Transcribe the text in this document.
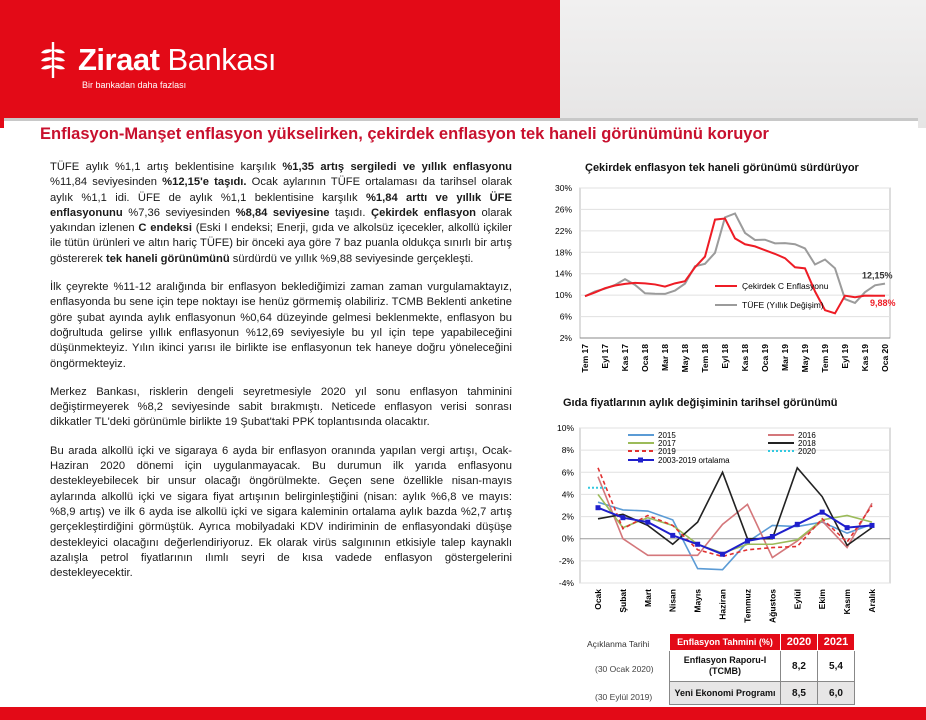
Ziraat Bankası
Bir bankadan daha fazlası
Enflasyon-Manşet enflasyon yükselirken, çekirdek enflasyon tek haneli görünümünü koruyor

TÜFE aylık %1,1 artış beklentisine karşılık %1,35 artış sergiledi ve yıllık enflasyonu %11,84 seviyesinden %12,15'e taşıdı. Ocak aylarının TÜFE ortalaması da tarihsel olarak aylık %1,1 idi. ÜFE de aylık %1,1 beklentisine karşılık %1,84 arttı ve yıllık ÜFE enflasyonunu %7,36 seviyesinden %8,84 seviyesine taşıdı. Çekirdek enflasyon olarak yakından izlenen C endeksi (Eski I endeksi; Enerji, gıda ve alkolsüz içecekler, alkollü içkiler ile tütün ürünleri ve altın hariç TÜFE) bir önceki aya göre 7 baz puanla oldukça sınırlı bir artış göstererek tek haneli görünümünü sürdürdü ve yıllık %9,88 seviyesinde gerçekleşti.

İlk çeyrekte %11-12 aralığında bir enflasyon beklediğimizi zaman zaman vurgulamaktayız, enflasyonda bu sene için tepe noktayı ise henüz görmemiş olabiliriz. TCMB Beklenti anketine göre şubat ayında aylık enflasyonun %0,64 düzeyinde gelmesi beklenmekte, enflasyon bu doğrultuda gelirse yıllık enflasyonun %12,69 seviyesiyle bu yıl için tepe yapabileceğini düşünmekteyiz. Yılın ikinci yarısı ile birlikte ise enflasyonun tek haneye doğru yöneleceğini öngörmekteyiz.

Merkez Bankası, risklerin dengeli seyretmesiyle 2020 yıl sonu enflasyon tahminini değiştirmeyerek %8,2 seviyesinde sabit bırakmıştı. Neticede enflasyon verisi sonrası dikkatler TL'deki görünümle birlikte 19 Şubat'taki PPK toplantısında olacaktır.

Bu arada alkollü içki ve sigaraya 6 ayda bir enflasyon oranında yapılan vergi artışı, Ocak-Haziran 2020 dönemi için uygulanmayacak. Bu durumun ilk yarıda enflasyonu destekleyebilecek bir unsur olacağı öngörülmekte. Geçen sene özellikle nisan-mayıs aylarında alkollü içki ve sigara fiyat artışının belirginleştiğini (nisan: aylık %6,8 ve mayıs: %8,9 artış) ve ilk 6 ayda ise alkollü içki ve sigara kaleminin ortalama aylık bazda %2,7 artış gerçekleştirdiğini görmüştük. Ayrıca mobilyadaki KDV indiriminin de enflasyondaki düşüşe destekleyici olacağını değerlendiriyoruz. Ek olarak virüs salgınının etkisiyle talep kaynaklı azalışla petrol fiyatlarının ılımlı seyri de kısa vadede enflasyon göstergelerini destekleyecektir.

Çekirdek enflasyon tek haneli görünümü sürdürüyor
2%
6%
10%
14%
18%
22%
26%
30%
Tem 17 Eyl 17 Kas 17 Oca 18 Mar 18 May 18 Tem 18 Eyl 18 Kas 18 Oca 19 Mar 19 May 19 Tem 19 Eyl 19 Kas 19 Oca 20
Çekirdek C Enflasyonu
TÜFE (Yıllık Değişim)
12,15%
9,88%
Gıda fiyatlarının aylık değişiminin tarihsel görünümü
-4%
-2%
0%
2%
4%
6%
8%
10%
Ocak Şubat Mart Nisan Mayıs Haziran Temmuz Ağustos Eylül Ekim Kasım Aralık
2015	2016
2017	2018
2019	2020
2003-2019 ortalama
Açıklanma Tarihi	Enflasyon Tahmini (%)	2020	2021
(30 Ocak 2020)	Enflasyon Raporu-I (TCMB)	8,2	5,4
(30 Eylül 2019)	Yeni Ekonomi Programı	8,5	6,0
